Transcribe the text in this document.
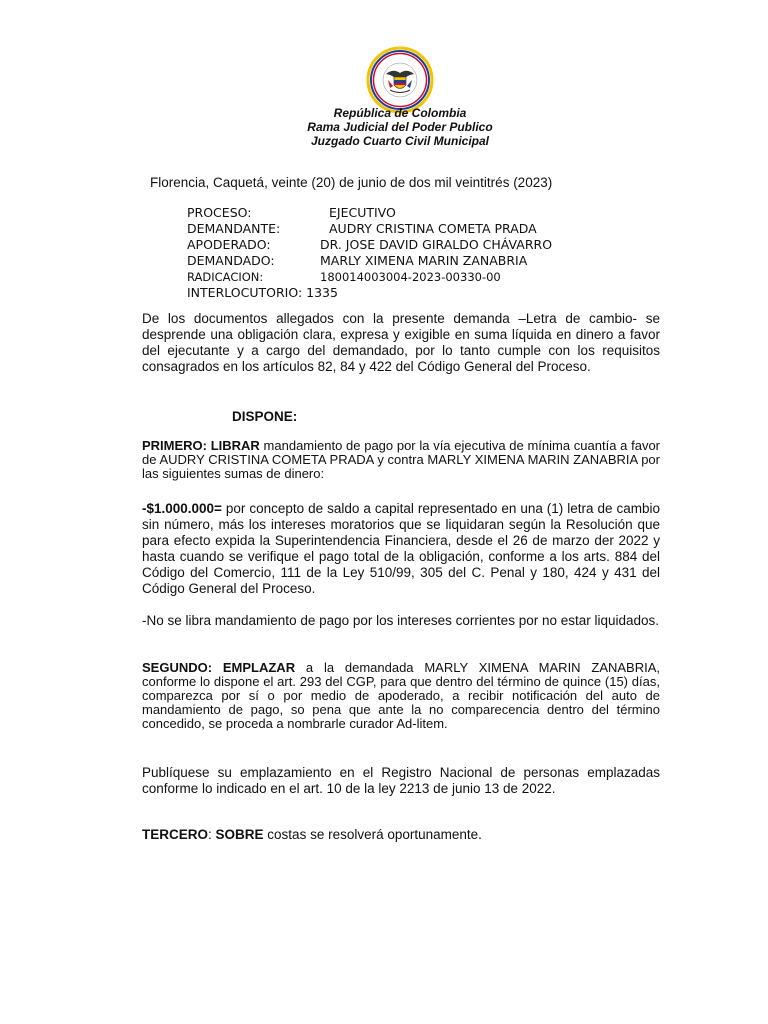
República de Colombia
Rama Judicial del Poder Publico
Juzgado Cuarto Civil Municipal
Florencia, Caquetá, veinte (20) de junio de dos mil veintitrés (2023)
PROCESO:	EJECUTIVO
DEMANDANTE:	AUDRY CRISTINA COMETA PRADA
APODERADO:	DR. JOSE DAVID GIRALDO CHÁVARRO
DEMANDADO:	MARLY XIMENA MARIN ZANABRIA
RADICACION:	180014003004-2023-00330-00
INTERLOCUTORIO: 1335

De los documentos allegados con la presente demanda –Letra de cambio- se desprende una obligación clara, expresa y exigible en suma líquida en dinero a favor del ejecutante y a cargo del demandado, por lo tanto cumple con los requisitos consagrados en los artículos 82, 84 y 422 del Código General del Proceso.

DISPONE:

PRIMERO: LIBRAR mandamiento de pago por la vía ejecutiva de mínima cuantía a favor de AUDRY CRISTINA COMETA PRADA y contra MARLY XIMENA MARIN ZANABRIA por las siguientes sumas de dinero:

-$1.000.000= por concepto de saldo a capital representado en una (1) letra de cambio sin número, más los intereses moratorios que se liquidaran según la Resolución que para efecto expida la Superintendencia Financiera, desde el 26 de marzo der 2022 y hasta cuando se verifique el pago total de la obligación, conforme a los arts. 884 del Código del Comercio, 111 de la Ley 510/99, 305 del C. Penal y 180, 424 y 431 del Código General del Proceso.

-No se libra mandamiento de pago por los intereses corrientes por no estar liquidados.

SEGUNDO: EMPLAZAR a la demandada MARLY XIMENA MARIN ZANABRIA, conforme lo dispone el art. 293 del CGP, para que dentro del término de quince (15) días, comparezca por sí o por medio de apoderado, a recibir notificación del auto de mandamiento de pago, so pena que ante la no comparecencia dentro del término concedido, se proceda a nombrarle curador Ad-litem.

Publíquese su emplazamiento en el Registro Nacional de personas emplazadas conforme lo indicado en el art. 10 de la ley 2213 de junio 13 de 2022.

TERCERO: SOBRE costas se resolverá oportunamente.
